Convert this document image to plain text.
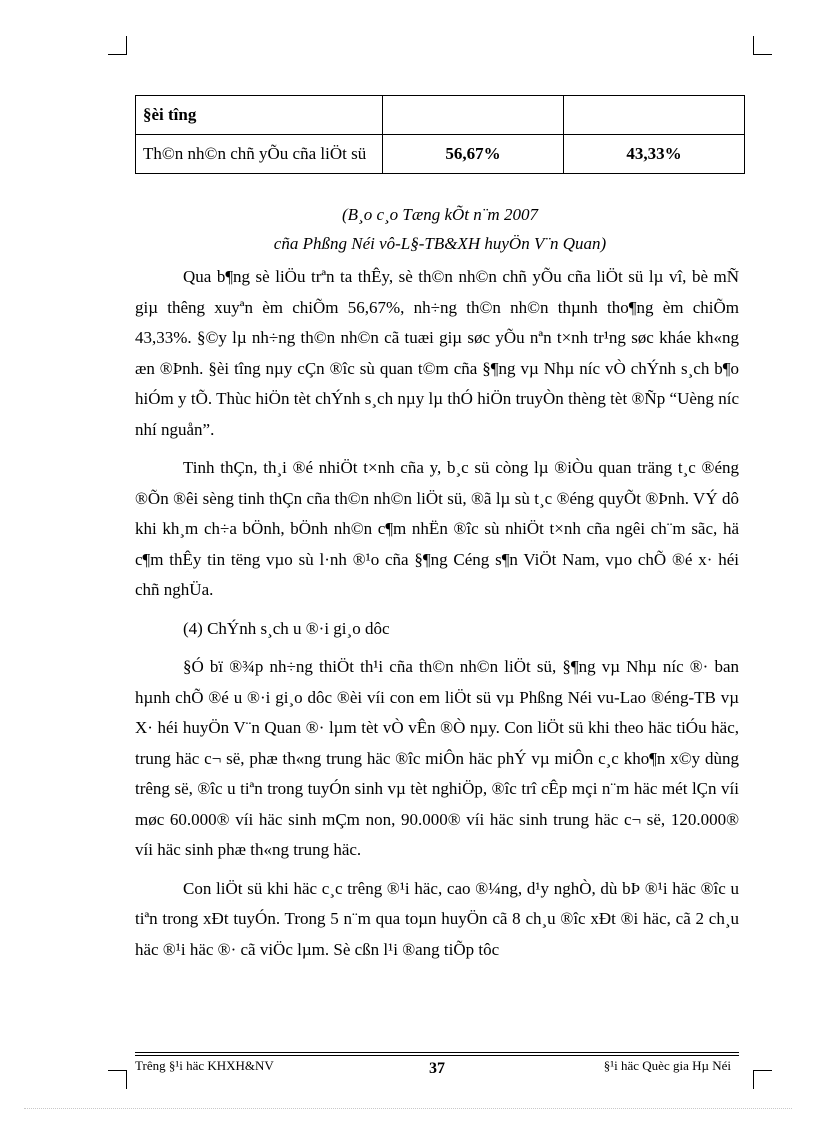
§èi tîng		
Th©n nh©n chñ yÕu cña liÖt sü	56,67%	43,33%
(B¸o c¸o Tæng kÕt n¨m 2007
cña Phßng Néi vô-L§-TB&XH huyÖn V¨n Quan)

Qua b¶ng sè liÖu trªn ta thÊy, sè th©n nh©n chñ yÕu cña liÖt sü lµ vî, bè mÑ giµ thêng xuyªn èm chiÕm 56,67%, nh÷ng th©n nh©n thµnh tho¶ng èm chiÕm 43,33%. §©y lµ nh÷ng th©n nh©n cã tuæi giµ søc yÕu nªn t×nh tr¹ng søc kháe kh«ng æn ®Þnh. §èi tîng nµy cÇn ®îc sù quan t©m cña §¶ng vµ Nhµ níc vÒ chÝnh s¸ch b¶o hiÓm y tÕ. Thùc hiÖn tèt chÝnh s¸ch nµy lµ thÓ hiÖn truyÒn thèng tèt ®Ñp “Uèng níc nhí nguån”.

Tinh thÇn, th¸i ®é nhiÖt t×nh cña y, b¸c sü còng lµ ®iÒu quan träng t¸c ®éng ®Õn ®êi sèng tinh thÇn cña th©n nh©n liÖt sü, ®ã lµ sù t¸c ®éng quyÕt ®Þnh. VÝ dô khi kh¸m ch÷a bÖnh, bÖnh nh©n c¶m nhËn ®îc sù nhiÖt t×nh cña ngêi ch¨m sãc, hä c¶m thÊy tin tëng vµo sù l·nh ®¹o cña §¶ng Céng s¶n ViÖt Nam, vµo chÕ ®é x· héi chñ nghÜa.

(4) ChÝnh s¸ch u ®·i gi¸o dôc

§Ó bï ®¾p nh÷ng thiÖt th¹i cña th©n nh©n liÖt sü, §¶ng vµ Nhµ níc ®· ban hµnh chÕ ®é u ®·i gi¸o dôc ®èi víi con em liÖt sü vµ Phßng Néi vu-Lao ®éng-TB vµ X· héi huyÖn V¨n Quan ®· lµm tèt vÒ vÊn ®Ò nµy. Con liÖt sü khi theo häc tiÓu häc, trung häc c¬ së, phæ th«ng trung häc ®îc miÔn häc phÝ vµ miÔn c¸c kho¶n x©y dùng trêng së, ®îc u tiªn trong tuyÓn sinh vµ tèt nghiÖp, ®îc trî cÊp mçi n¨m häc mét lÇn víi møc 60.000® víi häc sinh mÇm non, 90.000® víi häc sinh trung häc c¬ së, 120.000® víi häc sinh phæ th«ng trung häc.

Con liÖt sü khi häc c¸c trêng ®¹i häc, cao ®¼ng, d¹y nghÒ, dù bÞ ®¹i häc ®îc u tiªn trong xÐt tuyÓn. Trong 5 n¨m qua toµn huyÖn cã 8 ch¸u ®îc xÐt ®i häc, cã 2 ch¸u häc ®¹i häc ®· cã viÖc lµm. Sè cßn l¹i ®ang tiÕp tôc

Trêng §¹i häc KHXH&NV	37	§¹i häc Quèc gia Hµ Néi
